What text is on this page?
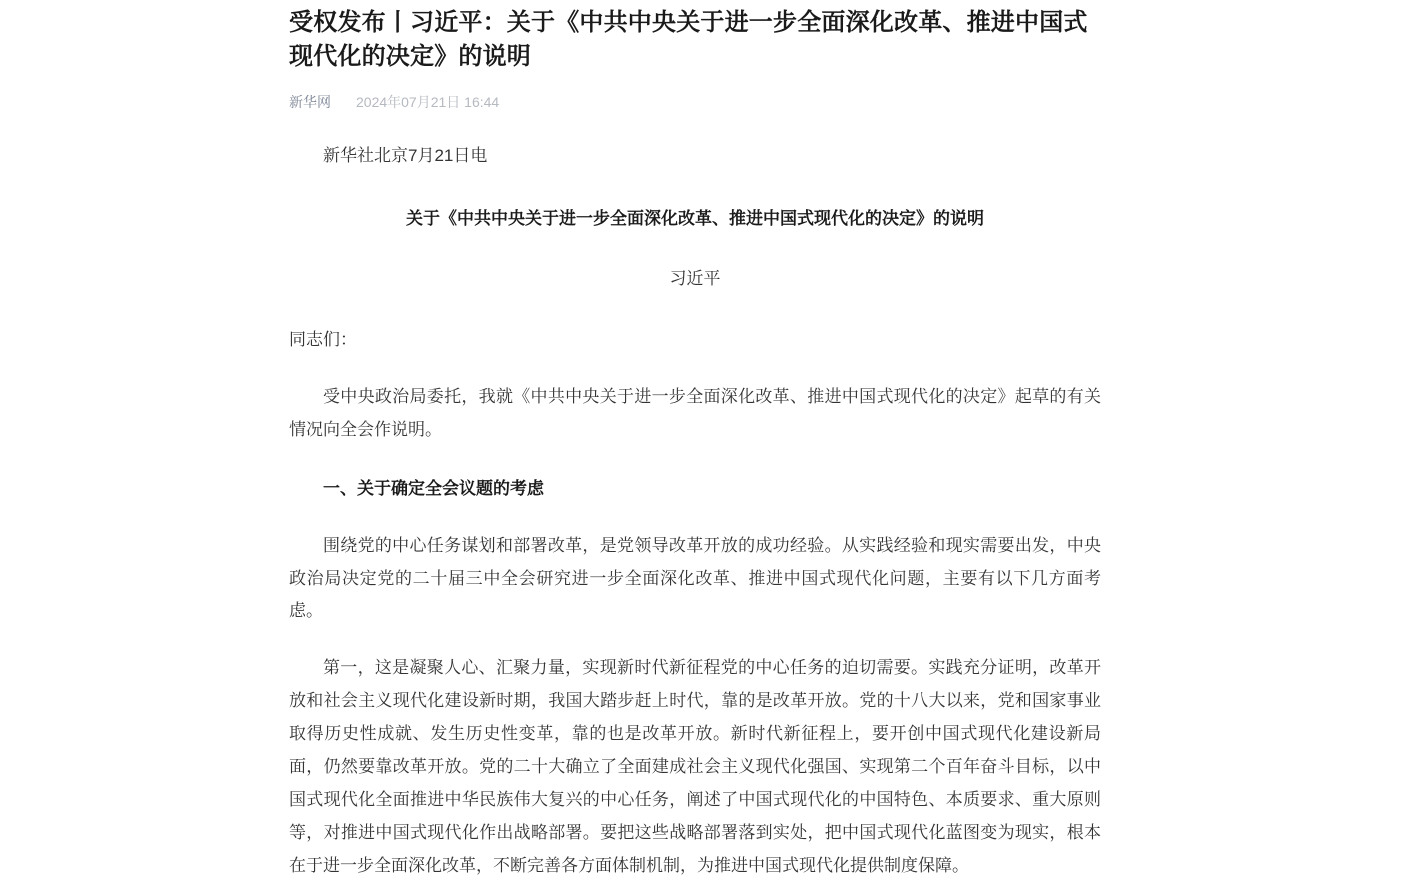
受权发布丨习近平：关于《中共中央关于进一步全面深化改革、推进中国式现代化的决定》的说明
新华网 2024年07月21日 16:44

新华社北京7月21日电

关于《中共中央关于进一步全面深化改革、推进中国式现代化的决定》的说明

习近平

同志们：

受中央政治局委托，我就《中共中央关于进一步全面深化改革、推进中国式现代化的决定》起草的有关情况向全会作说明。

一、关于确定全会议题的考虑

围绕党的中心任务谋划和部署改革，是党领导改革开放的成功经验。从实践经验和现实需要出发，中央政治局决定党的二十届三中全会研究进一步全面深化改革、推进中国式现代化问题，主要有以下几方面考虑。

第一，这是凝聚人心、汇聚力量，实现新时代新征程党的中心任务的迫切需要。实践充分证明，改革开放和社会主义现代化建设新时期，我国大踏步赶上时代，靠的是改革开放。党的十八大以来，党和国家事业取得历史性成就、发生历史性变革，靠的也是改革开放。新时代新征程上，要开创中国式现代化建设新局面，仍然要靠改革开放。党的二十大确立了全面建成社会主义现代化强国、实现第二个百年奋斗目标，以中国式现代化全面推进中华民族伟大复兴的中心任务，阐述了中国式现代化的中国特色、本质要求、重大原则等，对推进中国式现代化作出战略部署。要把这些战略部署落到实处，把中国式现代化蓝图变为现实，根本在于进一步全面深化改革，不断完善各方面体制机制，为推进中国式现代化提供制度保障。
